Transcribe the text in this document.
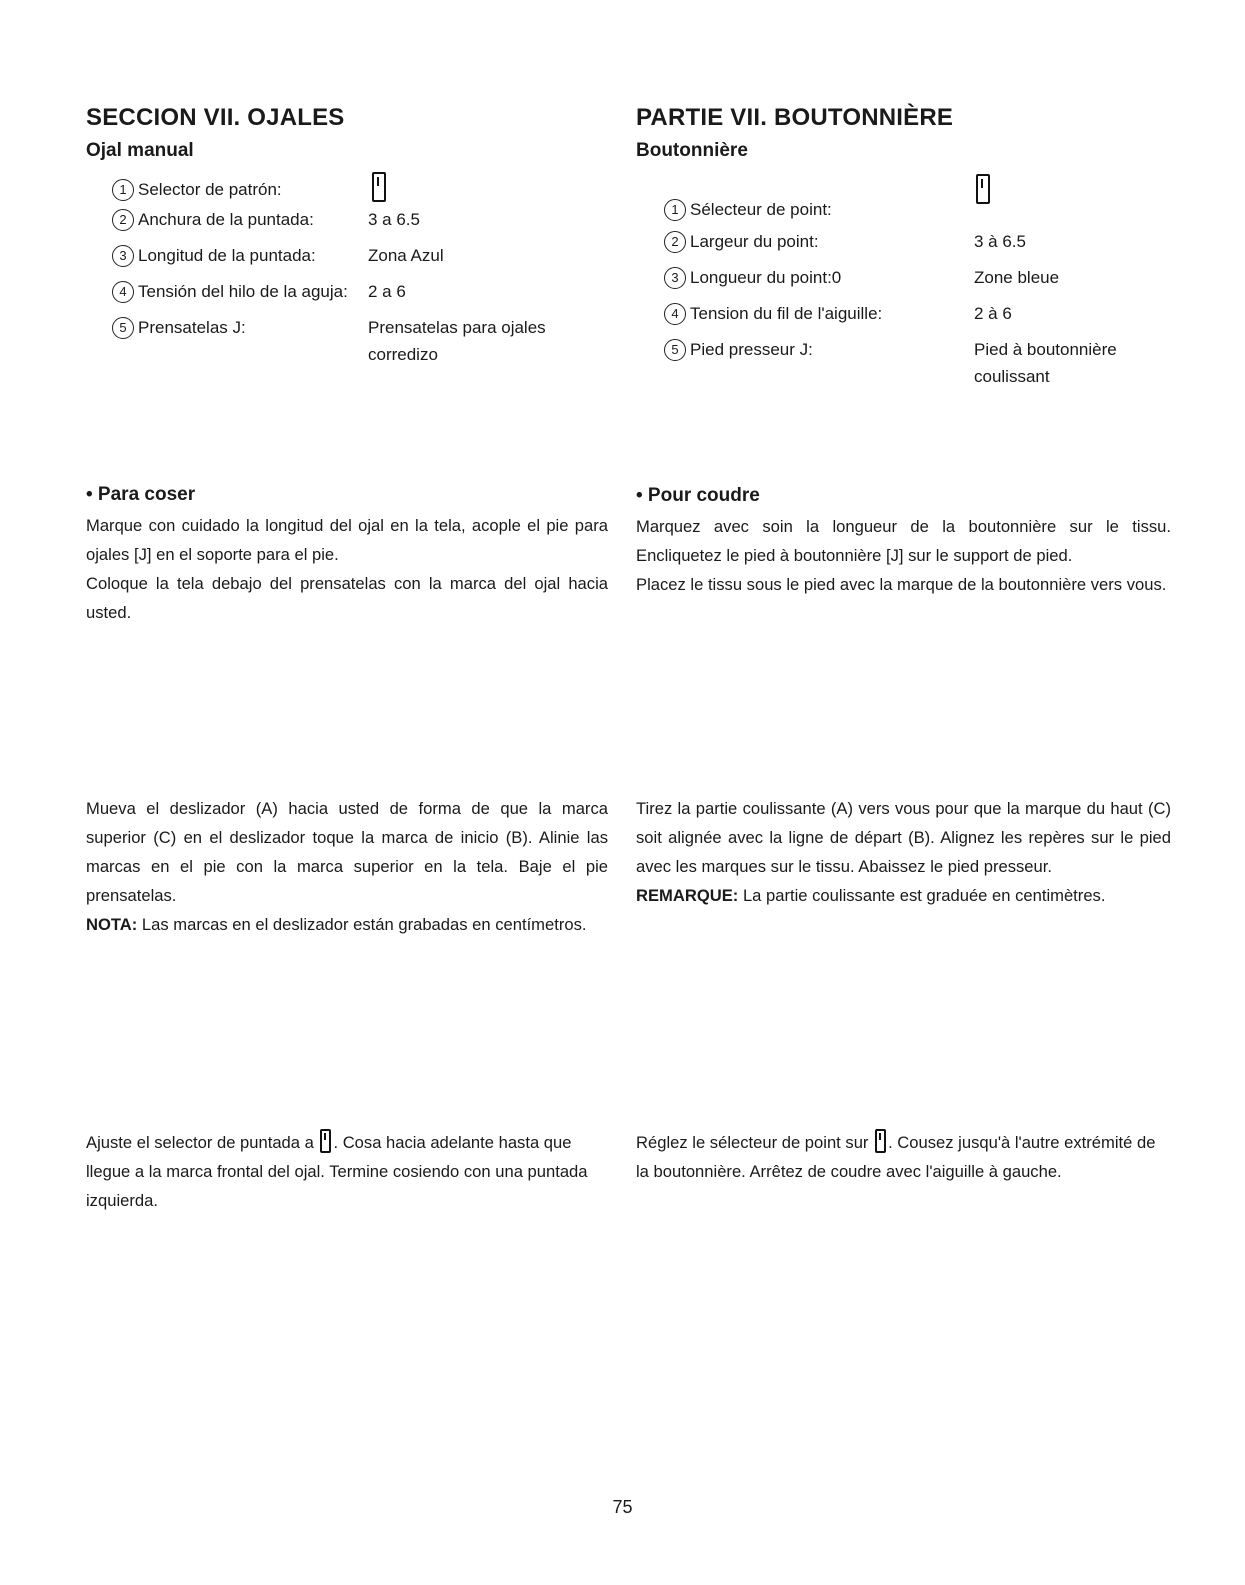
SECCION VII. OJALES
Ojal manual
1 Selector de patrón:
2 Anchura de la puntada:	3 a 6.5
3 Longitud de la puntada:	Zona Azul
4 Tensión del hilo de la aguja: 2 a 6
5 Prensatelas J:	Prensatelas para ojales corredizo
• Para coser
Marque con cuidado la longitud del ojal en la tela, acople el pie para ojales [J] en el soporte para el pie.
Coloque la tela debajo del prensatelas con la marca del ojal hacia usted.
Mueva el deslizador (A) hacia usted de forma de que la marca superior (C) en el deslizador toque la marca de inicio (B). Alinie las marcas en el pie con la marca superior en la tela. Baje el pie prensatelas.
NOTA: Las marcas en el deslizador están grabadas en centímetros.
Ajuste el selector de puntada a . Cosa hacia adelante hasta que llegue a la marca frontal del ojal. Termine cosiendo con una puntada izquierda.
PARTIE VII. BOUTONNIÈRE
Boutonnière
1 Sélecteur de point:
2 Largeur du point:	3 à 6.5
3 Longueur du point:0	Zone bleue
4 Tension du fil de l'aiguille:	2 à 6
5 Pied presseur J:	Pied à boutonnière coulissant
• Pour coudre
Marquez avec soin la longueur de la boutonnière sur le tissu. Encliquetez le pied à boutonnière [J] sur le support de pied.
Placez le tissu sous le pied avec la marque de la boutonnière vers vous.
Tirez la partie coulissante (A) vers vous pour que la marque du haut (C) soit alignée avec la ligne de départ (B). Alignez les repères sur le pied avec les marques sur le tissu. Abaissez le pied presseur.
REMARQUE: La partie coulissante est graduée en centimètres.
Réglez le sélecteur de point sur . Cousez jusqu'à l'autre extrémité de la boutonnière. Arrêtez de coudre avec l'aiguille à gauche.
75
